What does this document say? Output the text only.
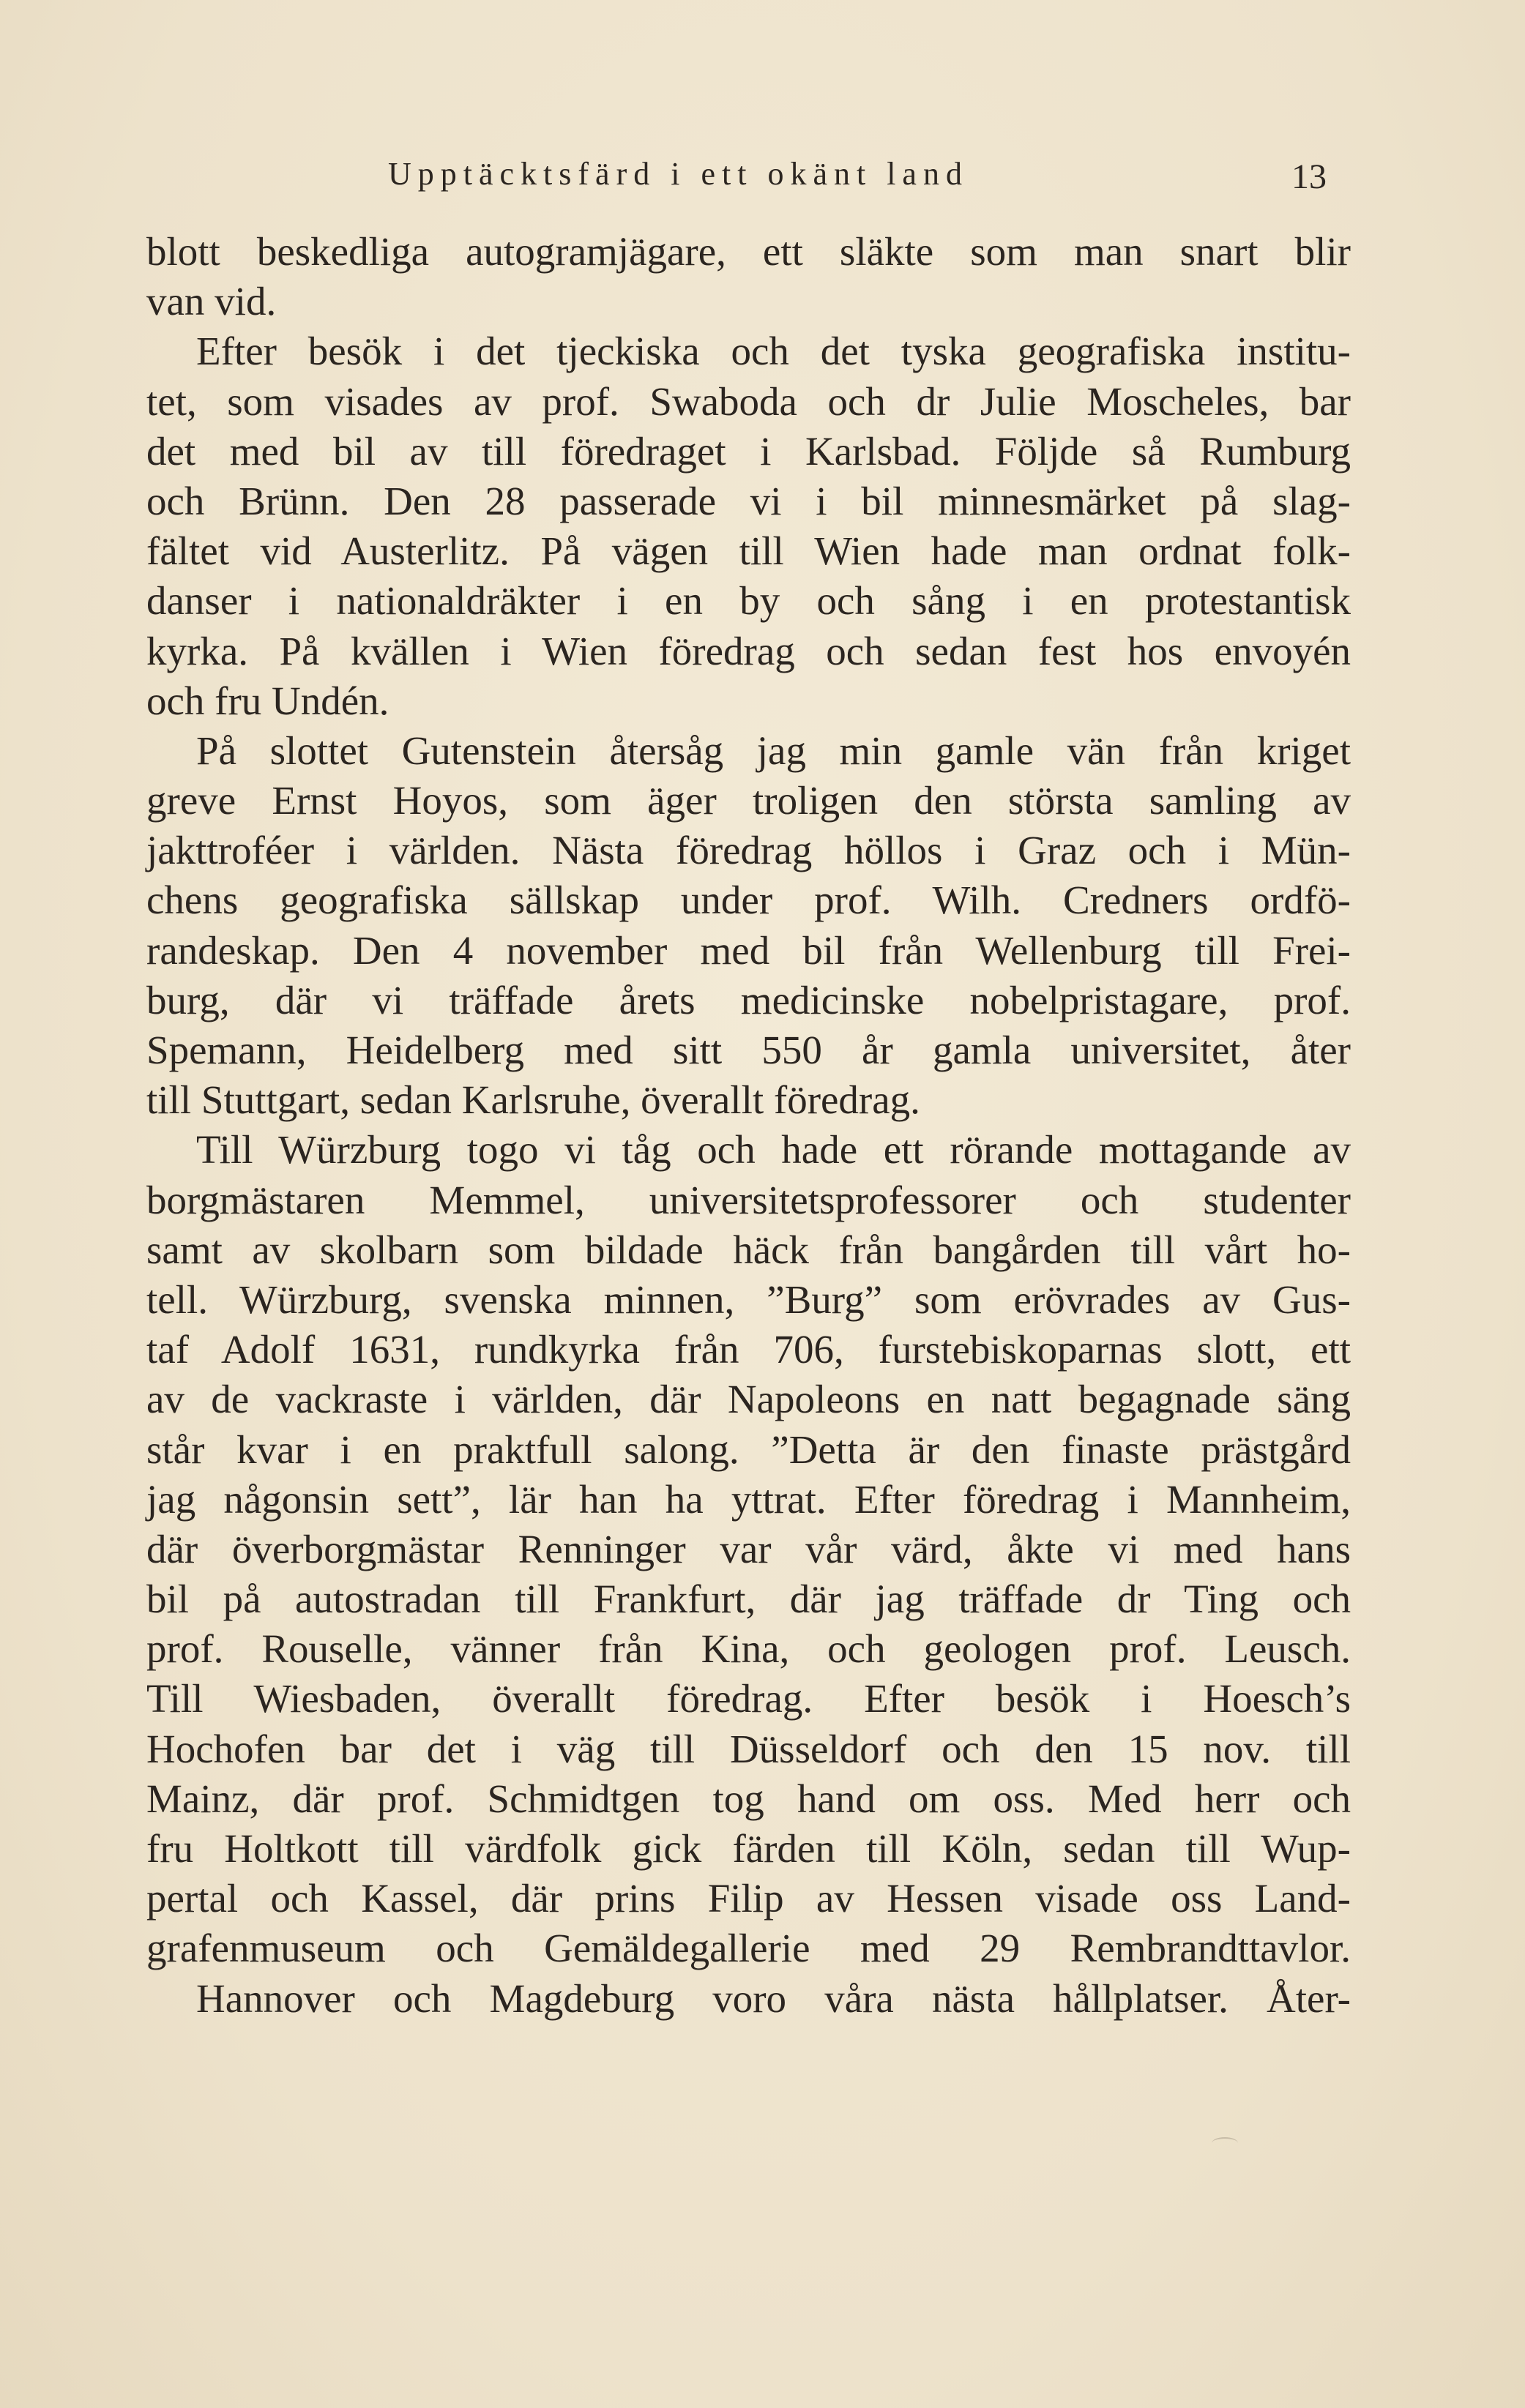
Upptäcktsfärd i ett okänt land	13
blott beskedliga autogramjägare, ett släkte som man snart blir
van vid.
Efter besök i det tjeckiska och det tyska geografiska institu-
tet, som visades av prof. Swaboda och dr Julie Moscheles, bar
det med bil av till föredraget i Karlsbad. Följde så Rumburg
och Brünn. Den 28 passerade vi i bil minnesmärket på slag-
fältet vid Austerlitz. På vägen till Wien hade man ordnat folk-
danser i nationaldräkter i en by och sång i en protestantisk
kyrka. På kvällen i Wien föredrag och sedan fest hos envoyén
och fru Undén.
På slottet Gutenstein återsåg jag min gamle vän från kriget
greve Ernst Hoyos, som äger troligen den största samling av
jakttroféer i världen. Nästa föredrag höllos i Graz och i Mün-
chens geografiska sällskap under prof. Wilh. Credners ordfö-
randeskap. Den 4 november med bil från Wellenburg till Frei-
burg, där vi träffade årets medicinske nobelpristagare, prof.
Spemann, Heidelberg med sitt 550 år gamla universitet, åter
till Stuttgart, sedan Karlsruhe, överallt föredrag.
Till Würzburg togo vi tåg och hade ett rörande mottagande av
borgmästaren Memmel, universitetsprofessorer och studenter
samt av skolbarn som bildade häck från bangården till vårt ho-
tell. Würzburg, svenska minnen, ”Burg” som erövrades av Gus-
taf Adolf 1631, rundkyrka från 706, furstebiskoparnas slott, ett
av de vackraste i världen, där Napoleons en natt begagnade säng
står kvar i en praktfull salong. ”Detta är den finaste prästgård
jag någonsin sett”, lär han ha yttrat. Efter föredrag i Mannheim,
där överborgmästar Renninger var vår värd, åkte vi med hans
bil på autostradan till Frankfurt, där jag träffade dr Ting och
prof. Rouselle, vänner från Kina, och geologen prof. Leusch.
Till Wiesbaden, överallt föredrag. Efter besök i Hoesch’s
Hochofen bar det i väg till Düsseldorf och den 15 nov. till
Mainz, där prof. Schmidtgen tog hand om oss. Med herr och
fru Holtkott till värdfolk gick färden till Köln, sedan till Wup-
pertal och Kassel, där prins Filip av Hessen visade oss Land-
grafenmuseum och Gemäldegallerie med 29 Rembrandttavlor.
Hannover och Magdeburg voro våra nästa hållplatser. Åter-
